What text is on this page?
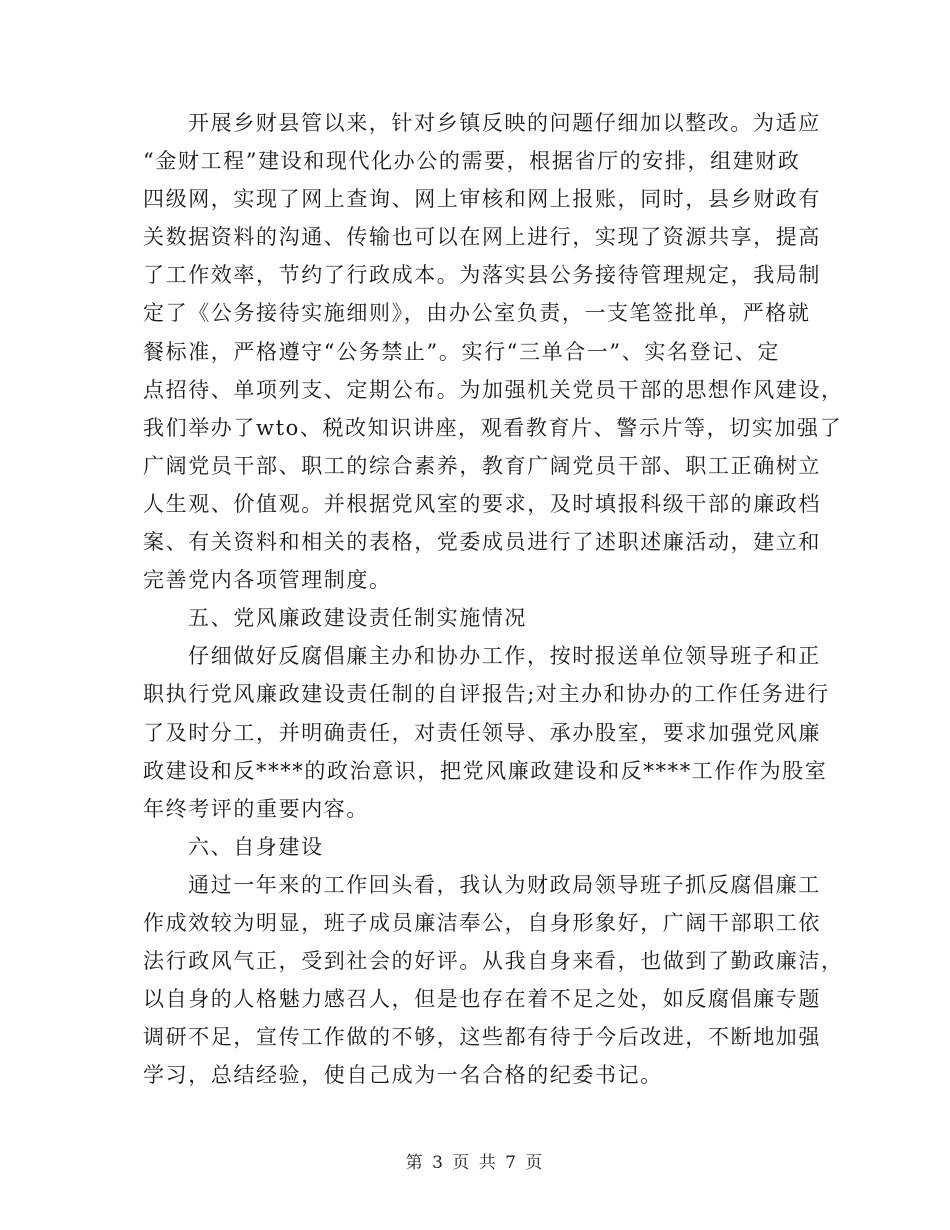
开展乡财县管以来，针对乡镇反映的问题仔细加以整改。为适应
“金财工程”建设和现代化办公的需要，根据省厅的安排，组建财政
四级网，实现了网上查询、网上审核和网上报账，同时，县乡财政有
关数据资料的沟通、传输也可以在网上进行，实现了资源共享，提高
了工作效率，节约了行政成本。为落实县公务接待管理规定，我局制
定了《公务接待实施细则》，由办公室负责，一支笔签批单，严格就
餐标准，严格遵守“公务禁止”。实行“三单合一”、实名登记、定
点招待、单项列支、定期公布。为加强机关党员干部的思想作风建设，
我们举办了wto、税改知识讲座，观看教育片、警示片等，切实加强了
广阔党员干部、职工的综合素养，教育广阔党员干部、职工正确树立
人生观、价值观。并根据党风室的要求，及时填报科级干部的廉政档
案、有关资料和相关的表格，党委成员进行了述职述廉活动，建立和
完善党内各项管理制度。
五、党风廉政建设责任制实施情况
仔细做好反腐倡廉主办和协办工作，按时报送单位领导班子和正
职执行党风廉政建设责任制的自评报告;对主办和协办的工作任务进行
了及时分工，并明确责任，对责任领导、承办股室，要求加强党风廉
政建设和反****的政治意识，把党风廉政建设和反****工作作为股室
年终考评的重要内容。
六、自身建设
通过一年来的工作回头看，我认为财政局领导班子抓反腐倡廉工
作成效较为明显，班子成员廉洁奉公，自身形象好，广阔干部职工依
法行政风气正，受到社会的好评。从我自身来看，也做到了勤政廉洁，
以自身的人格魅力感召人，但是也存在着不足之处，如反腐倡廉专题
调研不足，宣传工作做的不够，这些都有待于今后改进，不断地加强
学习，总结经验，使自己成为一名合格的纪委书记。
第 3 页 共 7 页
